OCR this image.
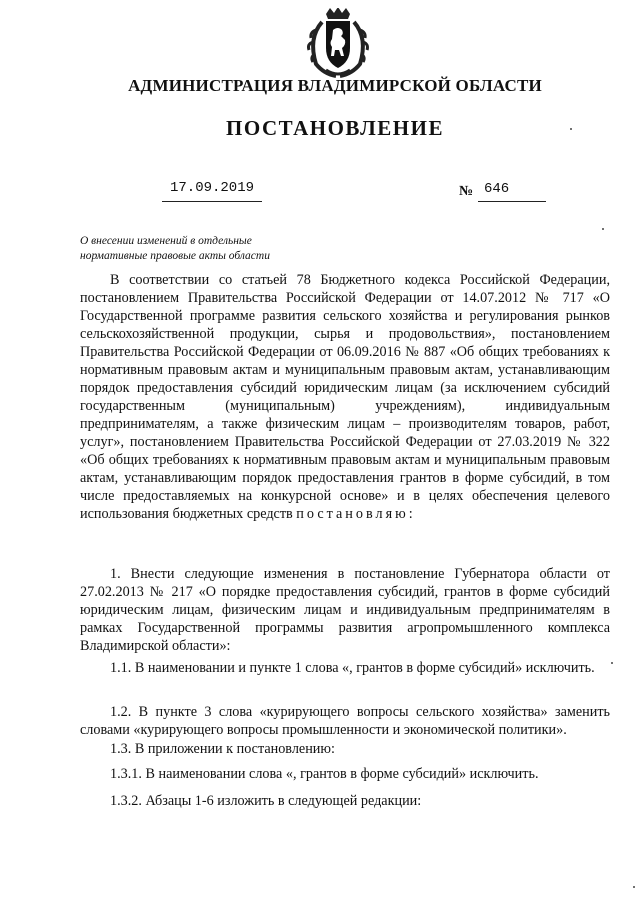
АДМИНИСТРАЦИЯ ВЛАДИМИРСКОЙ ОБЛАСТИ
ПОСТАНОВЛЕНИЕ
17.09.2019	№ 646
О внесении изменений в отдельные
нормативные правовые акты области
В соответствии со статьей 78 Бюджетного кодекса Российской Федерации, постановлением Правительства Российской Федерации от 14.07.2012 № 717 «О Государственной программе развития сельского хозяйства и регулирования рынков сельскохозяйственной продукции, сырья и продовольствия», постановлением Правительства Российской Федерации от 06.09.2016 № 887 «Об общих требованиях к нормативным правовым актам и муниципальным правовым актам, устанавливающим порядок предоставления субсидий юридическим лицам (за исключением субсидий государственным (муниципальным) учреждениям), индивидуальным предпринимателям, а также физическим лицам – производителям товаров, работ, услуг», постановлением Правительства Российской Федерации от 27.03.2019 № 322 «Об общих требованиях к нормативным правовым актам и муниципальным правовым актам, устанавливающим порядок предоставления грантов в форме субсидий, в том числе предоставляемых на конкурсной основе» и в целях обеспечения целевого использования бюджетных средств постановляю:
1. Внести следующие изменения в постановление Губернатора области от 27.02.2013 № 217 «О порядке предоставления субсидий, грантов в форме субсидий юридическим лицам, физическим лицам и индивидуальным предпринимателям в рамках Государственной программы развития агропромышленного комплекса Владимирской области»:
1.1. В наименовании и пункте 1 слова «, грантов в форме субсидий» исключить.
1.2. В пункте 3 слова «курирующего вопросы сельского хозяйства» заменить словами «курирующего вопросы промышленности и экономической политики».
1.3. В приложении к постановлению:
1.3.1. В наименовании слова «, грантов в форме субсидий» исключить.
1.3.2. Абзацы 1-6 изложить в следующей редакции:
